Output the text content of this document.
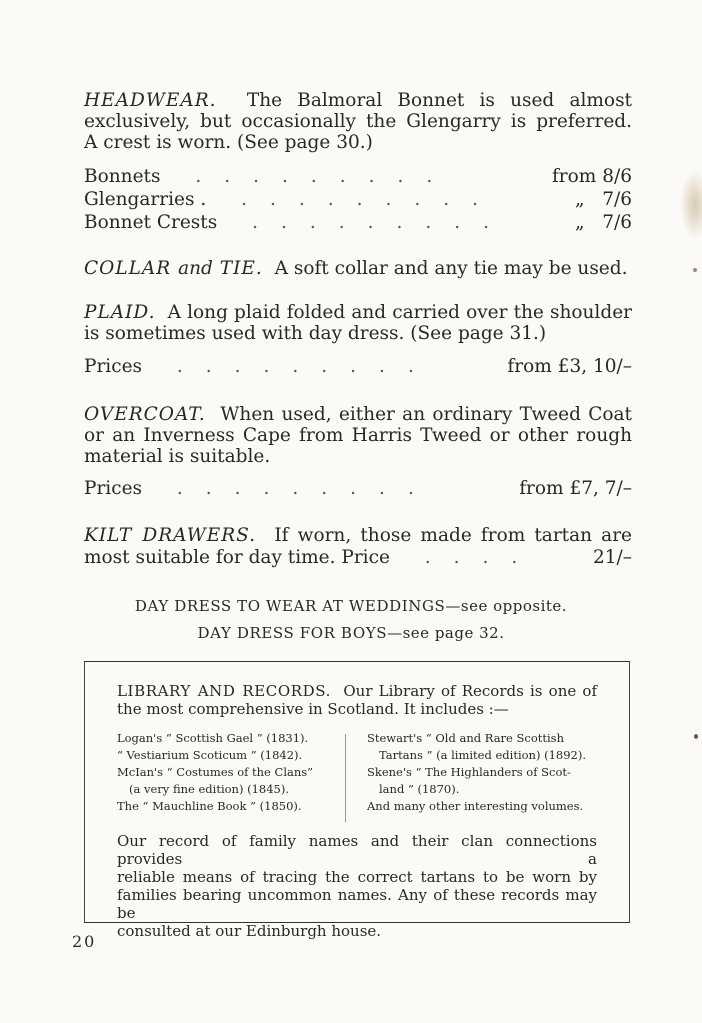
HEADWEAR. The Balmoral Bonnet is used almost
exclusively, but occasionally the Glengarry is preferred.
A crest is worn. (See page 30.)
Bonnets .........	from 8/6
Glengarries . .........	„ 7/6
Bonnet Crests .........	„ 7/6
COLLAR and TIE. A soft collar and any tie may be used.
PLAID. A long plaid folded and carried over the shoulder
is sometimes used with day dress. (See page 31.)
Prices .........	from £3, 10/–
OVERCOAT. When used, either an ordinary Tweed Coat
or an Inverness Cape from Harris Tweed or other rough
material is suitable.
Prices .........	from £7, 7/–
KILT DRAWERS. If worn, those made from tartan are
most suitable for day time. Price ....	21/–
DAY DRESS TO WEAR AT WEDDINGS—see opposite.
DAY DRESS FOR BOYS—see page 32.
LIBRARY AND RECORDS. Our Library of Records is one of
the most comprehensive in Scotland. It includes :—

Logan's “ Scottish Gael ” (1831).

“ Vestiarium Scoticum ” (1842).

McIan's “ Costumes of the Clans”

(a very fine edition) (1845).

The “ Mauchline Book ” (1850).

Stewart's “ Old and Rare Scottish

Tartans ” (a limited edition) (1892).

Skene's “ The Highlanders of Scot-

land ” (1870).

And many other interesting volumes.

Our record of family names and their clan connections provides a
reliable means of tracing the correct tartans to be worn by
families bearing uncommon names. Any of these records may be
consulted at our Edinburgh house.
20
